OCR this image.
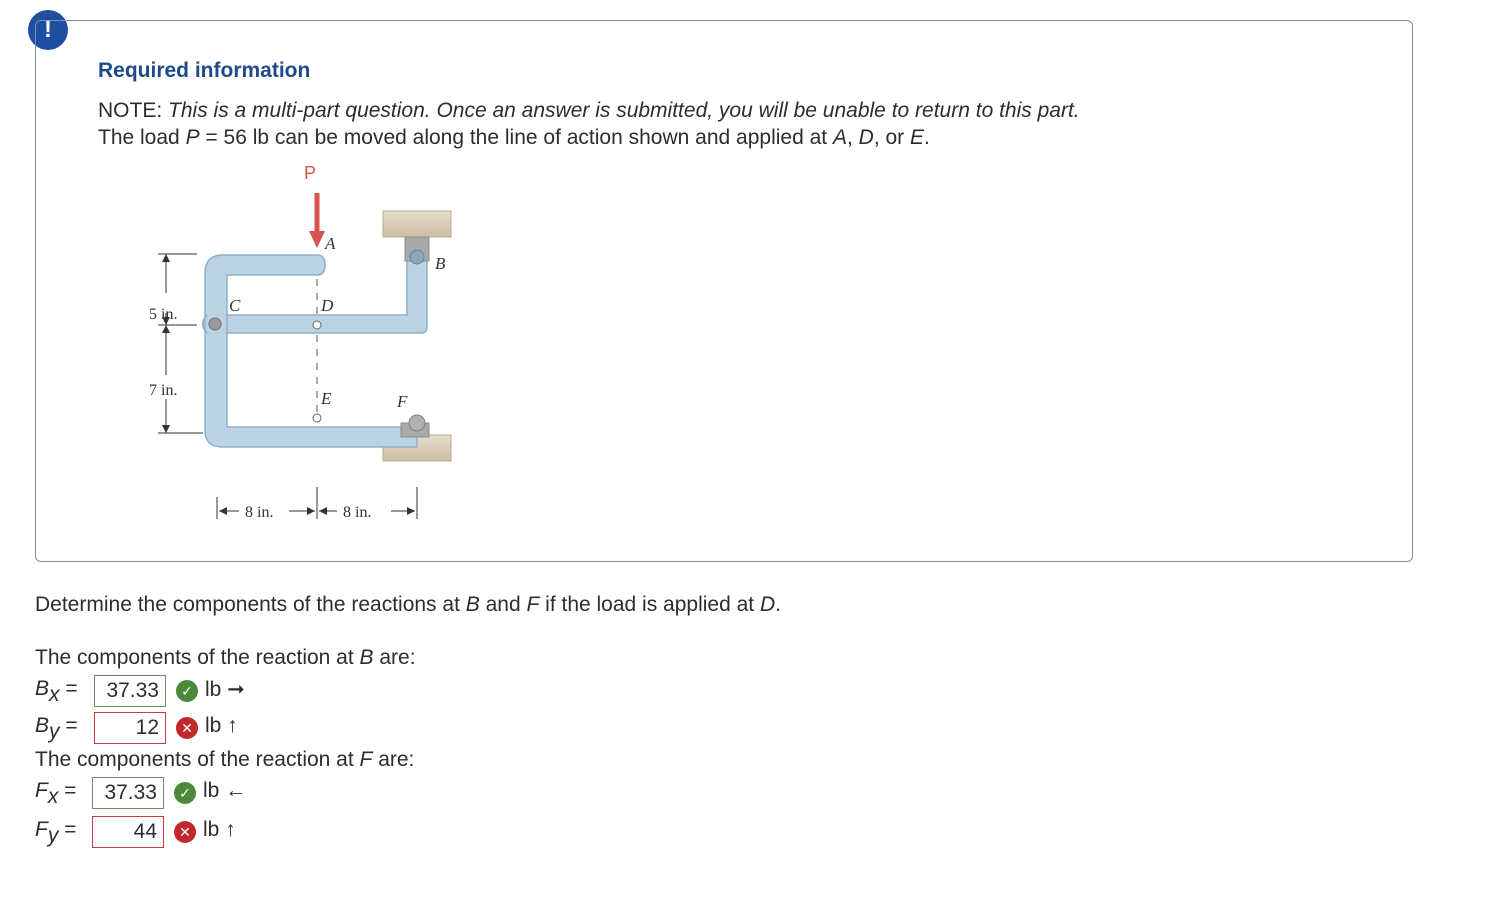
!
Required information
NOTE: This is a multi-part question. Once an answer is submitted, you will be unable to return to this part.
The load P = 56 lb can be moved along the line of action shown and applied at A, D, or E.
P
A
B
C	D
E	F
5 in.
7 in.
8 in.	8 in.
Determine the components of the reactions at B and F if the load is applied at D.
The components of the reaction at B are:
$B_x$ =	37.33	✓ lb ➞
$B_y$ =	12	✕ lb ↑
The components of the reaction at F are:
$F_x$ =	37.33	✓ lb ←
$F_y$ =	44	✕ lb ↑
